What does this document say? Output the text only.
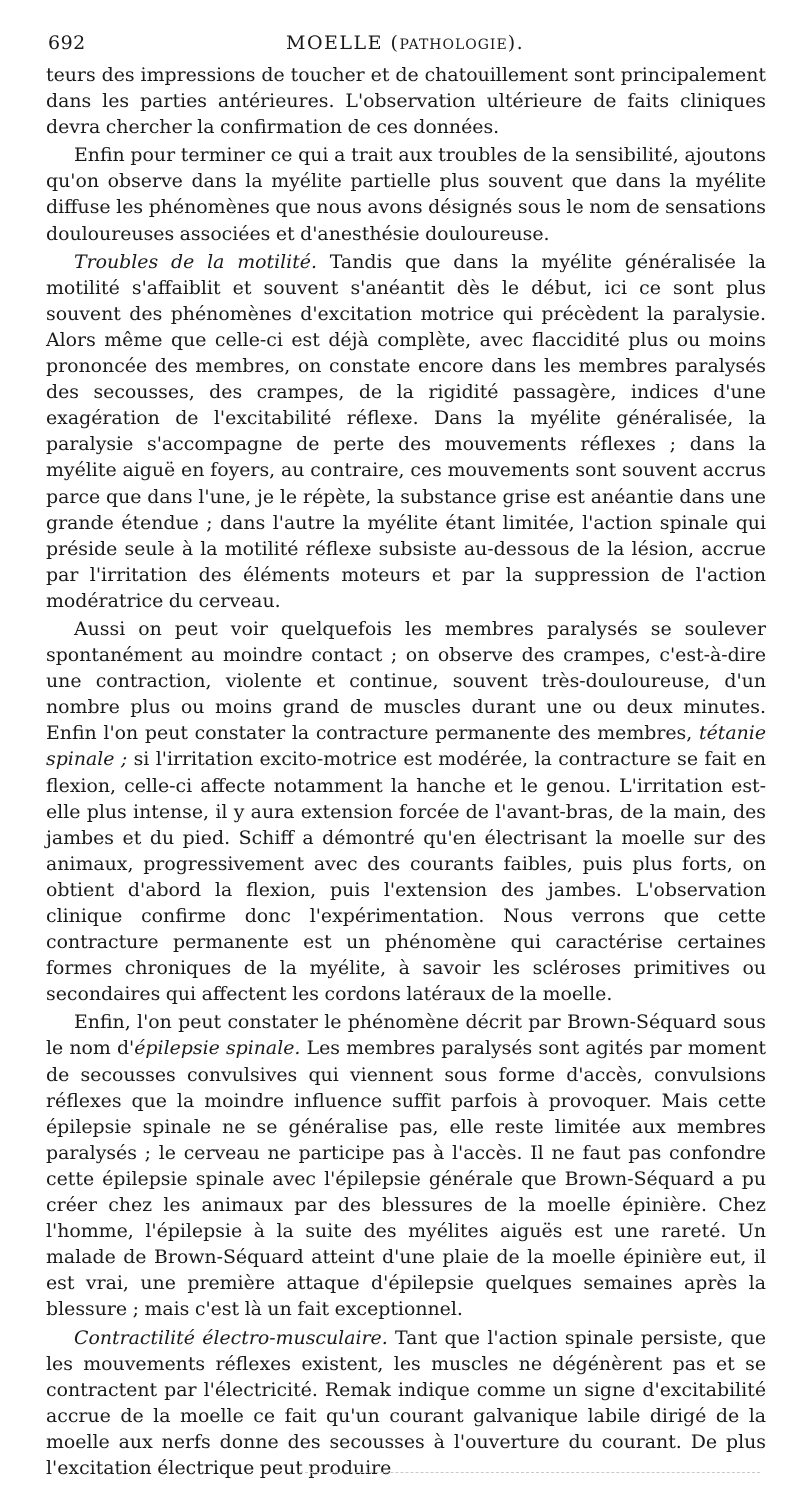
692	MOELLE (PATHOLOGIE).

teurs des impressions de toucher et de chatouillement sont principalement dans les parties antérieures. L'observation ultérieure de faits cliniques devra chercher la confirmation de ces données.

Enfin pour terminer ce qui a trait aux troubles de la sensibilité, ajoutons qu'on observe dans la myélite partielle plus souvent que dans la myélite diffuse les phénomènes que nous avons désignés sous le nom de sensations douloureuses associées et d'anesthésie douloureuse.

Troubles de la motilité. Tandis que dans la myélite généralisée la motilité s'affaiblit et souvent s'anéantit dès le début, ici ce sont plus souvent des phénomènes d'excitation motrice qui précèdent la paralysie. Alors même que celle-ci est déjà complète, avec flaccidité plus ou moins prononcée des membres, on constate encore dans les membres paralysés des secousses, des crampes, de la rigidité passagère, indices d'une exagération de l'excitabilité réflexe. Dans la myélite généralisée, la paralysie s'accompagne de perte des mouvements réflexes ; dans la myélite aiguë en foyers, au contraire, ces mouvements sont souvent accrus parce que dans l'une, je le répète, la substance grise est anéantie dans une grande étendue ; dans l'autre la myélite étant limitée, l'action spinale qui préside seule à la motilité réflexe subsiste au-dessous de la lésion, accrue par l'irritation des éléments moteurs et par la suppression de l'action modératrice du cerveau.

Aussi on peut voir quelquefois les membres paralysés se soulever spontanément au moindre contact ; on observe des crampes, c'est-à-dire une contraction, violente et continue, souvent très-douloureuse, d'un nombre plus ou moins grand de muscles durant une ou deux minutes. Enfin l'on peut constater la contracture permanente des membres, tétanie spinale ; si l'irritation excito-motrice est modérée, la contracture se fait en flexion, celle-ci affecte notamment la hanche et le genou. L'irritation est-elle plus intense, il y aura extension forcée de l'avant-bras, de la main, des jambes et du pied. Schiff a démontré qu'en électrisant la moelle sur des animaux, progressivement avec des courants faibles, puis plus forts, on obtient d'abord la flexion, puis l'extension des jambes. L'observation clinique confirme donc l'expérimentation. Nous verrons que cette contracture permanente est un phénomène qui caractérise certaines formes chroniques de la myélite, à savoir les scléroses primitives ou secondaires qui affectent les cordons latéraux de la moelle.

Enfin, l'on peut constater le phénomène décrit par Brown-Séquard sous le nom d'épilepsie spinale. Les membres paralysés sont agités par moment de secousses convulsives qui viennent sous forme d'accès, convulsions réflexes que la moindre influence suffit parfois à provoquer. Mais cette épilepsie spinale ne se généralise pas, elle reste limitée aux membres paralysés ; le cerveau ne participe pas à l'accès. Il ne faut pas confondre cette épilepsie spinale avec l'épilepsie générale que Brown-Séquard a pu créer chez les animaux par des blessures de la moelle épinière. Chez l'homme, l'épilepsie à la suite des myélites aiguës est une rareté. Un malade de Brown-Séquard atteint d'une plaie de la moelle épinière eut, il est vrai, une première attaque d'épilepsie quelques semaines après la blessure ; mais c'est là un fait exceptionnel.

Contractilité électro-musculaire. Tant que l'action spinale persiste, que les mouvements réflexes existent, les muscles ne dégénèrent pas et se contractent par l'électricité. Remak indique comme un signe d'excitabilité accrue de la moelle ce fait qu'un courant galvanique labile dirigé de la moelle aux nerfs donne des secousses à l'ouverture du courant. De plus l'excitation électrique peut produire
